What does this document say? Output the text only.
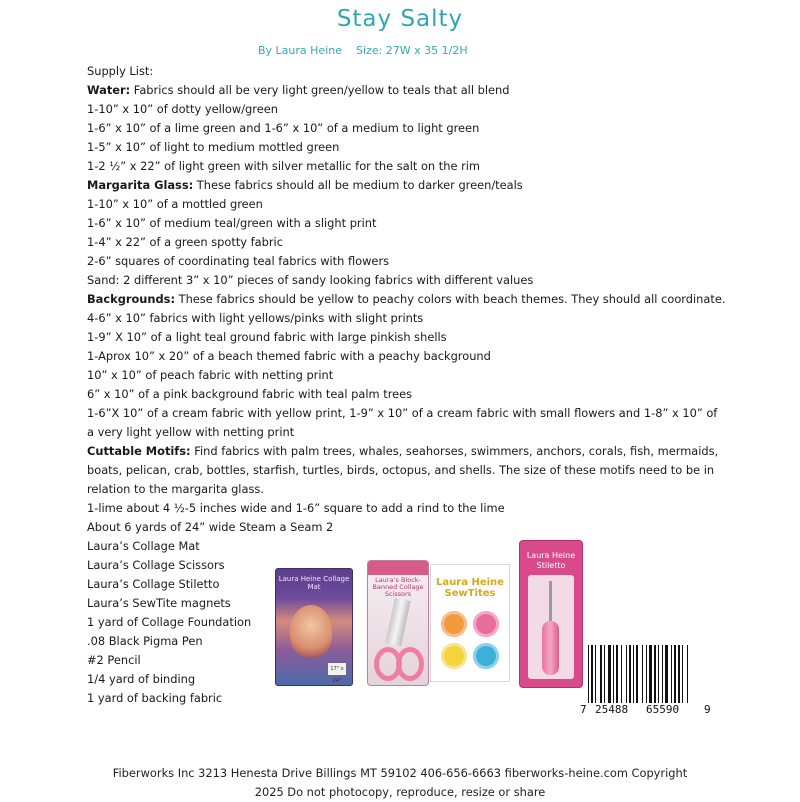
Stay Salty
By Laura Heine Size: 27W x 35 1/2H
Supply List:
Water: Fabrics should all be very light green/yellow to teals that all blend
1-10” x 10” of dotty yellow/green
1-6” x 10” of a lime green and 1-6” x 10” of a medium to light green
1-5” x 10” of light to medium mottled green
1-2 ½” x 22” of light green with silver metallic for the salt on the rim
Margarita Glass: These fabrics should all be medium to darker green/teals
1-10” x 10” of a mottled green
1-6” x 10” of medium teal/green with a slight print
1-4” x 22” of a green spotty fabric
2-6” squares of coordinating teal fabrics with flowers
Sand: 2 different 3” x 10” pieces of sandy looking fabrics with different values
Backgrounds: These fabrics should be yellow to peachy colors with beach themes. They should all coordinate.
4-6” x 10” fabrics with light yellows/pinks with slight prints
1-9” X 10” of a light teal ground fabric with large pinkish shells
1-Aprox 10” x 20” of a beach themed fabric with a peachy background
10” x 10” of peach fabric with netting print
6” x 10” of a pink background fabric with teal palm trees
1-6”X 10” of a cream fabric with yellow print, 1-9” x 10” of a cream fabric with small flowers and 1-8” x 10” of a very light yellow with netting print
Cuttable Motifs: Find fabrics with palm trees, whales, seahorses, swimmers, anchors, corals, fish, mermaids, boats, pelican, crab, bottles, starfish, turtles, birds, octopus, and shells. The size of these motifs need to be in relation to the margarita glass.
1-lime about 4 ½-5 inches wide and 1-6” square to add a rind to the lime
About 6 yards of 24” wide Steam a Seam 2
Laura’s Collage Mat
Laura’s Collage Scissors
Laura’s Collage Stiletto
Laura’s SewTite magnets
1 yard of Collage Foundation
.08 Black Pigma Pen
#2 Pencil
1/4 yard of binding
1 yard of backing fabric
Laura Heine Collage Mat
17" x 24"
Laura’s Block-Banned Collage Scissors
Laura Heine SewTites
Laura Heine Stiletto
7 25488 65590 9
Fiberworks Inc 3213 Henesta Drive Billings MT 59102 406-656-6663 fiberworks-heine.com Copyright
2025 Do not photocopy, reproduce, resize or share
